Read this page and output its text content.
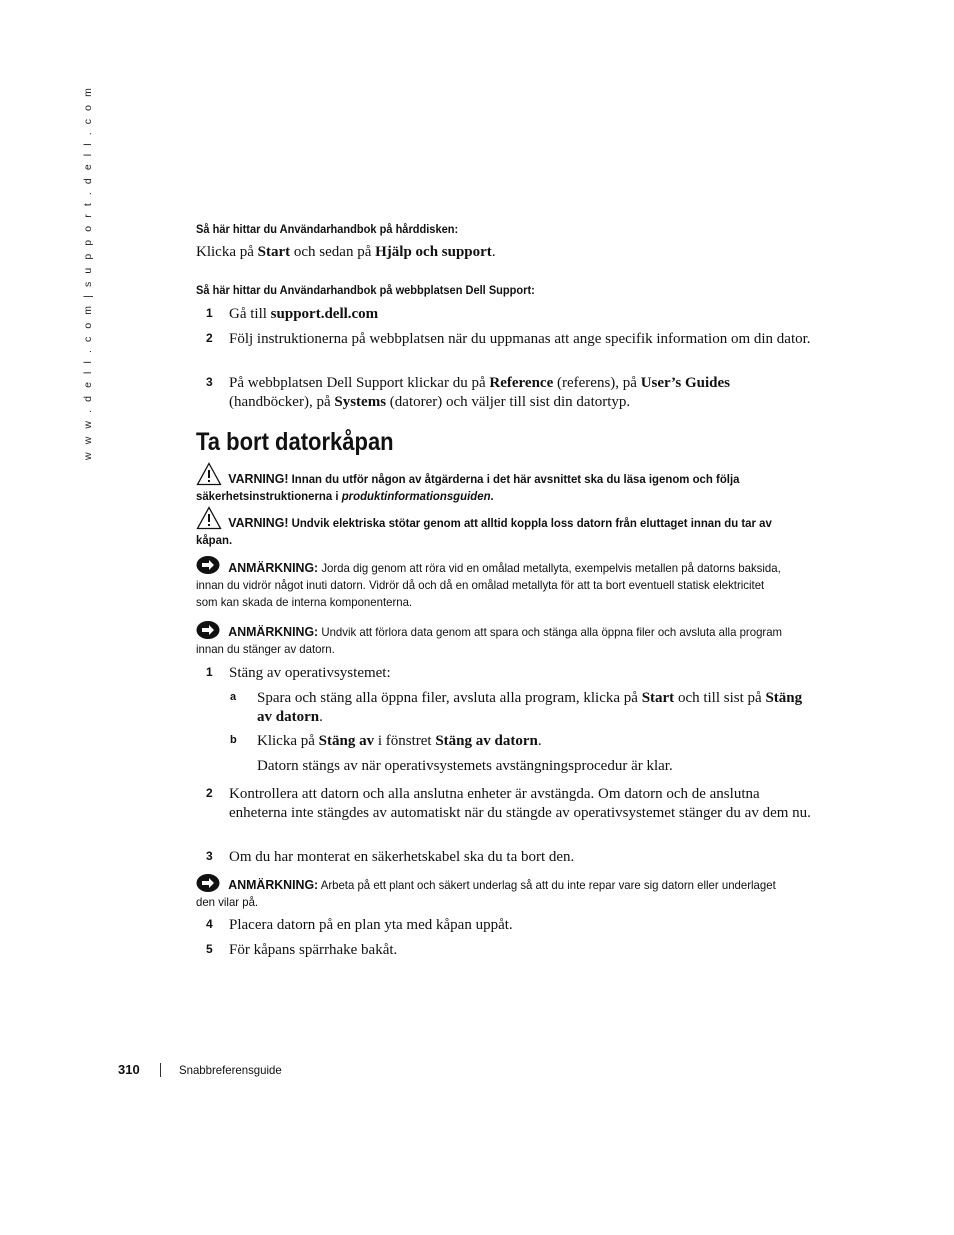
w w w . d e l l . c o m | s u p p o r t . d e l l . c o m	Så här hittar du Användarhandbok på hårddisken:
Klicka på Start och sedan på Hjälp och support.
Så här hittar du Användarhandbok på webbplatsen Dell Support:
1 Gå till support.dell.com
2 Följ instruktionerna på webbplatsen när du uppmanas att ange specifik information om din dator.
3 På webbplatsen Dell Support klickar du på Reference (referens), på User’s Guides (handböcker), på Systems (datorer) och väljer till sist din datortyp.
Ta bort datorkåpan
VARNING! Innan du utför någon av åtgärderna i det här avsnittet ska du läsa igenom och följa säkerhetsinstruktionerna i produktinformationsguiden.
VARNING! Undvik elektriska stötar genom att alltid koppla loss datorn från eluttaget innan du tar av kåpan.
ANMÄRKNING: Jorda dig genom att röra vid en omålad metallyta, exempelvis metallen på datorns baksida, innan du vidrör något inuti datorn. Vidrör då och då en omålad metallyta för att ta bort eventuell statisk elektricitet som kan skada de interna komponenterna.
ANMÄRKNING: Undvik att förlora data genom att spara och stänga alla öppna filer och avsluta alla program innan du stänger av datorn.
1 Stäng av operativsystemet:
a Spara och stäng alla öppna filer, avsluta alla program, klicka på Start och till sist på Stäng av datorn.
b Klicka på Stäng av i fönstret Stäng av datorn.
Datorn stängs av när operativsystemets avstängningsprocedur är klar.
2 Kontrollera att datorn och alla anslutna enheter är avstängda. Om datorn och de anslutna enheterna inte stängdes av automatiskt när du stängde av operativsystemet stänger du av dem nu.
3 Om du har monterat en säkerhetskabel ska du ta bort den.
ANMÄRKNING: Arbeta på ett plant och säkert underlag så att du inte repar vare sig datorn eller underlaget den vilar på.
4 Placera datorn på en plan yta med kåpan uppåt.
5 För kåpans spärrhake bakåt.
310	Snabbreferensguide
